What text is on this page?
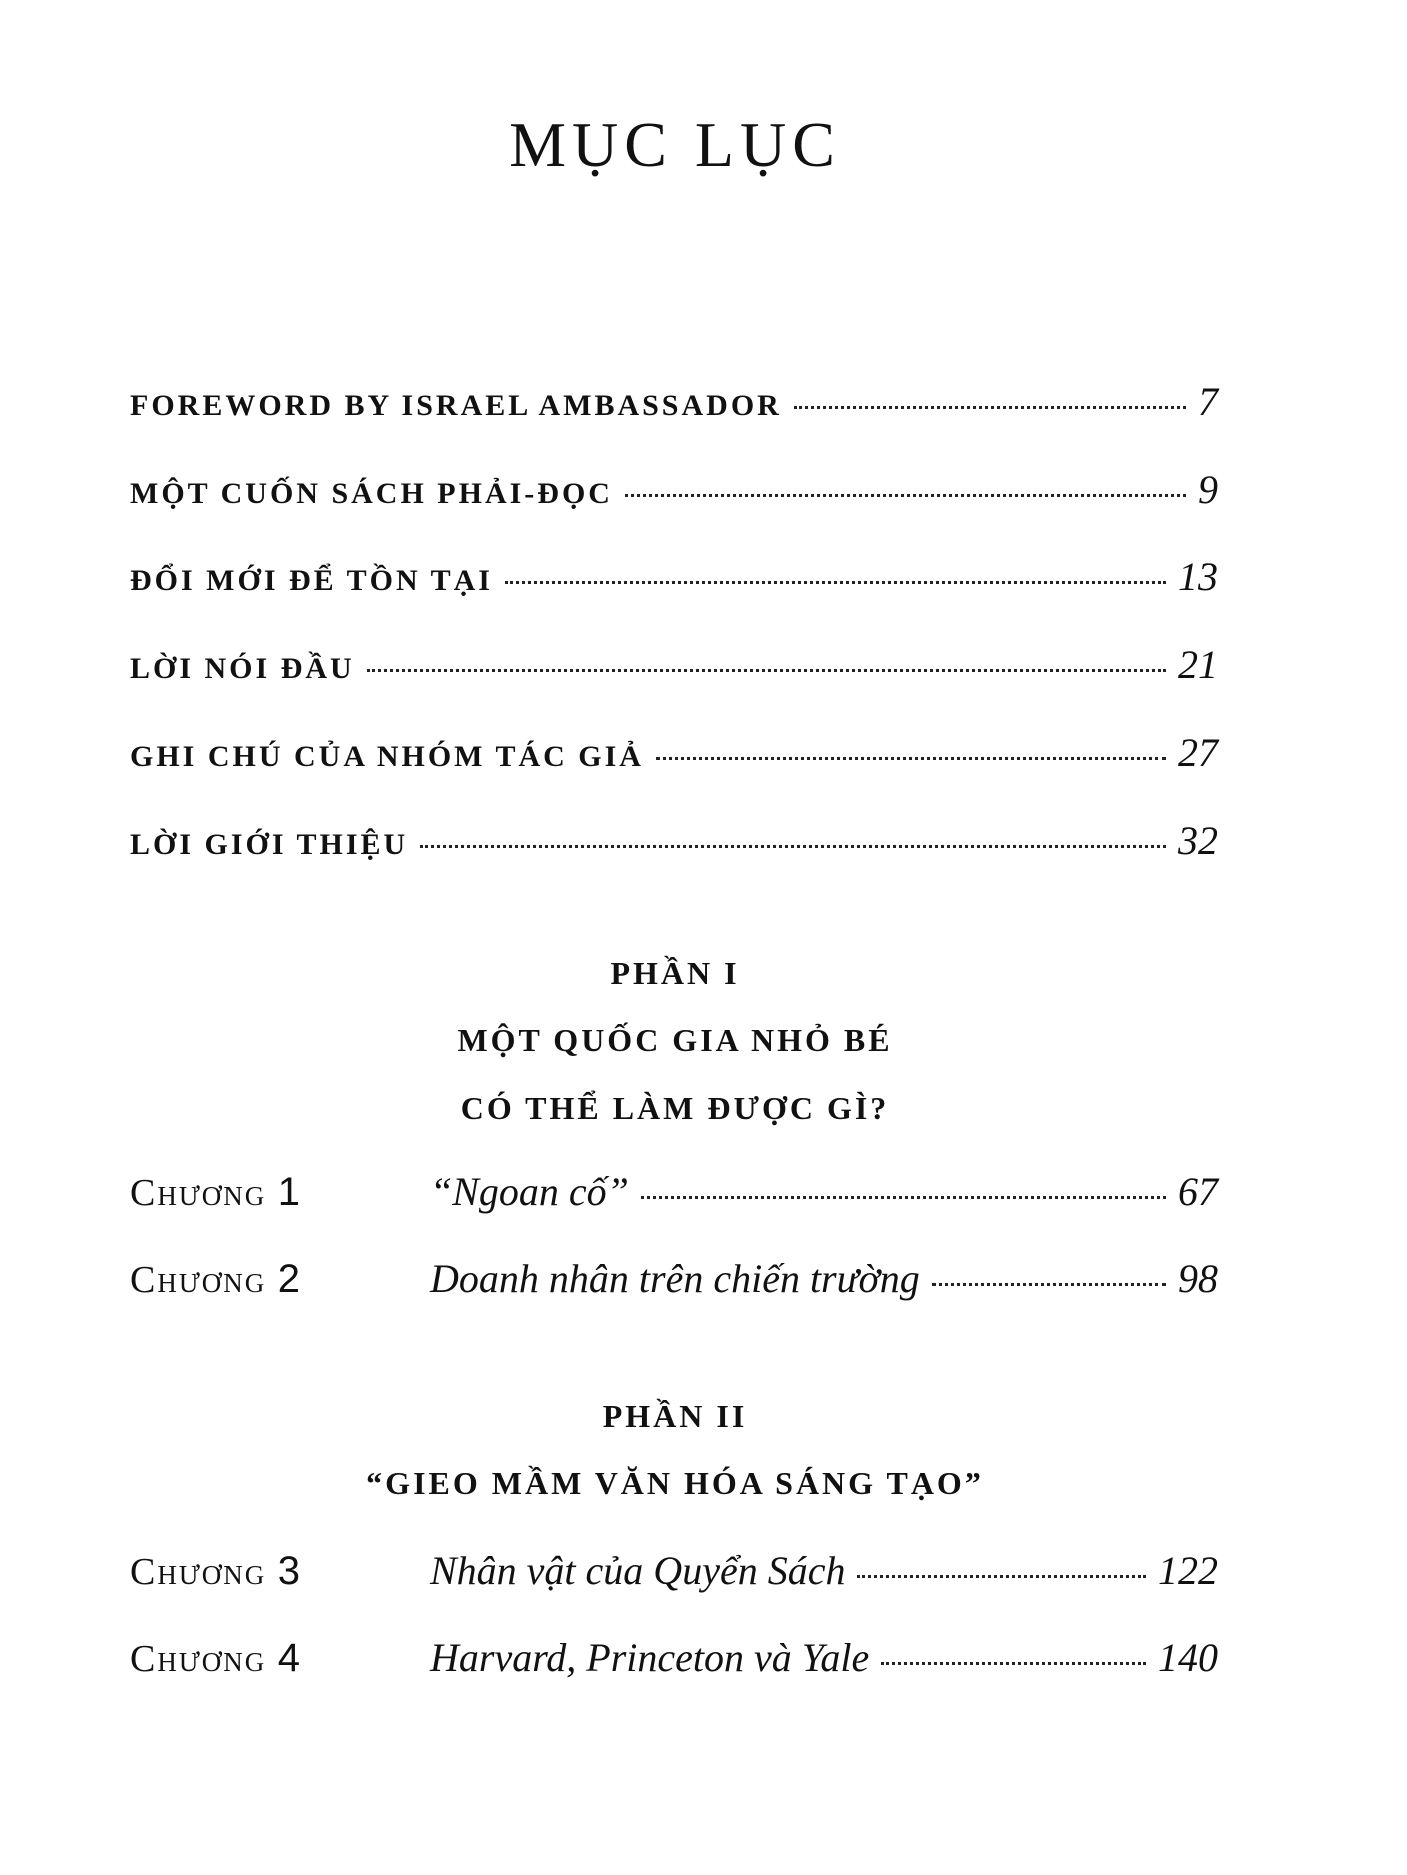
MỤC LỤC
FOREWORD BY ISRAEL AMBASSADOR	7
MỘT CUỐN SÁCH PHẢI-ĐỌC	9
ĐỔI MỚI ĐỂ TỒN TẠI	13
LỜI NÓI ĐẦU	21
GHI CHÚ CỦA NHÓM TÁC GIẢ	27
LỜI GIỚI THIỆU	32
PHẦN I
MỘT QUỐC GIA NHỎ BÉ
CÓ THỂ LÀM ĐƯỢC GÌ?
Chương 1	“Ngoan cố”	67
Chương 2	Doanh nhân trên chiến trường	98
PHẦN II
“GIEO MẦM VĂN HÓA SÁNG TẠO”
Chương 3	Nhân vật của Quyển Sách	122
Chương 4	Harvard, Princeton và Yale	140
